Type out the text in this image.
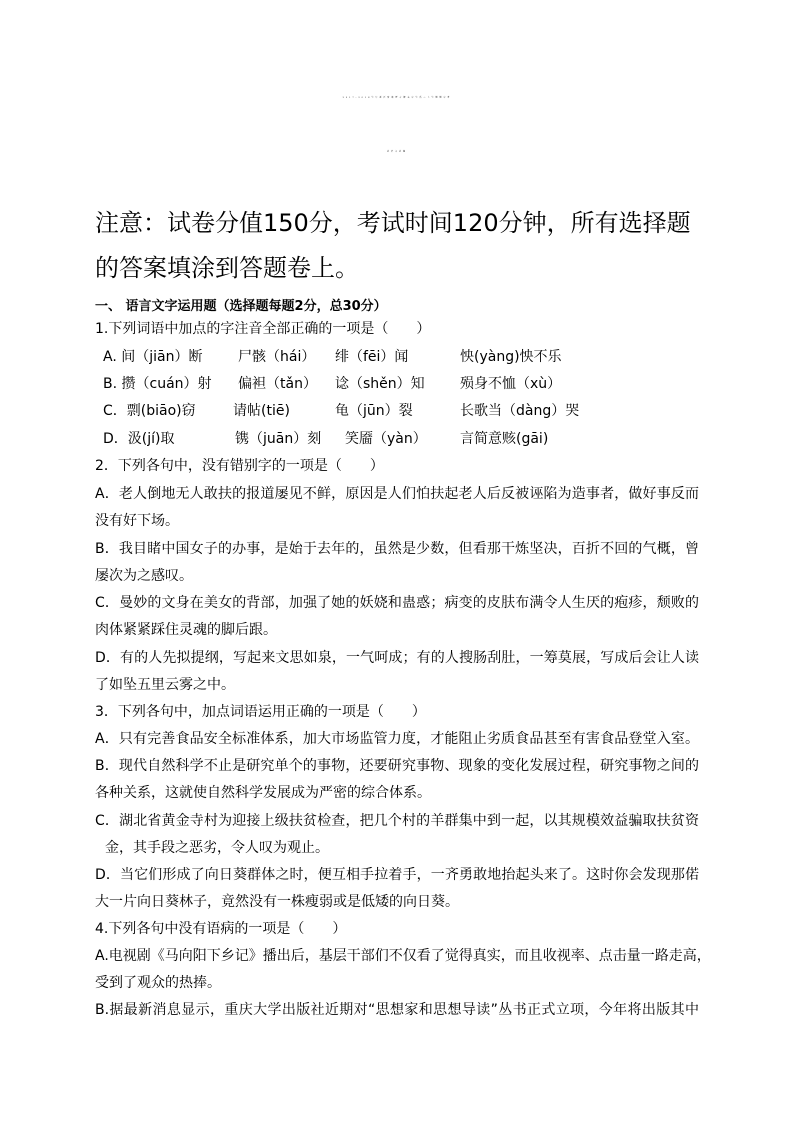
2017-2018学年浙江省诸暨市牌头中学高二上学期期中考
试语文试题
注意：试卷分值150分，考试时间120分钟，所有选择题
的答案填涂到答题卷上。
一、 语言文字运用题（选择题每题2分，总30分）
1.下列词语中加点的字注音全部正确的一项是（　　）
A. 间（jiān）断	尸骸（hái） 绯（fēi）闻	怏(yàng)怏不乐
B. 攒（cuán）射 偏袒（tǎn） 谂（shěn）知	殒身不恤（xù）
C．剽(biāo)窃	请帖(tiē)	龟（jūn）裂	长歌当（dàng）哭
D．汲(jí)取	镌（juān）刻 笑靥（yàn） 言简意赅(gāi)
2．下列各句中，没有错别字的一项是（　　）
A．老人倒地无人敢扶的报道屡见不鲜，原因是人们怕扶起老人后反被诬陷为造事者，做好事反而
没有好下场。
B．我目睹中国女子的办事，是始于去年的，虽然是少数，但看那干炼坚决，百折不回的气概，曾
屡次为之感叹。
C．曼妙的文身在美女的背部，加强了她的妖娆和蛊惑；病变的皮肤布满令人生厌的疱疹，颓败的
肉体紧紧踩住灵魂的脚后跟。
D．有的人先拟提纲，写起来文思如泉，一气呵成；有的人搜肠刮肚，一筹莫展，写成后会让人读
了如坠五里云雾之中。
3．下列各句中，加点词语运用正确的一项是（　　）
A．只有完善食品安全标准体系，加大市场监管力度，才能阻止劣质食品甚至有害食品登堂入室。
B．现代自然科学不止是研究单个的事物，还要研究事物、现象的变化发展过程，研究事物之间的
各种关系，这就使自然科学发展成为严密的综合体系。
C．湖北省黄金寺村为迎接上级扶贫检查，把几个村的羊群集中到一起，以其规模效益骗取扶贫资
金，其手段之恶劣，令人叹为观止。
D．当它们形成了向日葵群体之时，便互相手拉着手，一齐勇敢地抬起头来了。这时你会发现那偌
大一片向日葵林子，竟然没有一株瘦弱或是低矮的向日葵。
4.下列各句中没有语病的一项是（　　）
A.电视剧《马向阳下乡记》播出后，基层干部们不仅看了觉得真实，而且收视率、点击量一路走高，
受到了观众的热捧。
B.据最新消息显示，重庆大学出版社近期对“思想家和思想导读”丛书正式立项，今年将出版其中
